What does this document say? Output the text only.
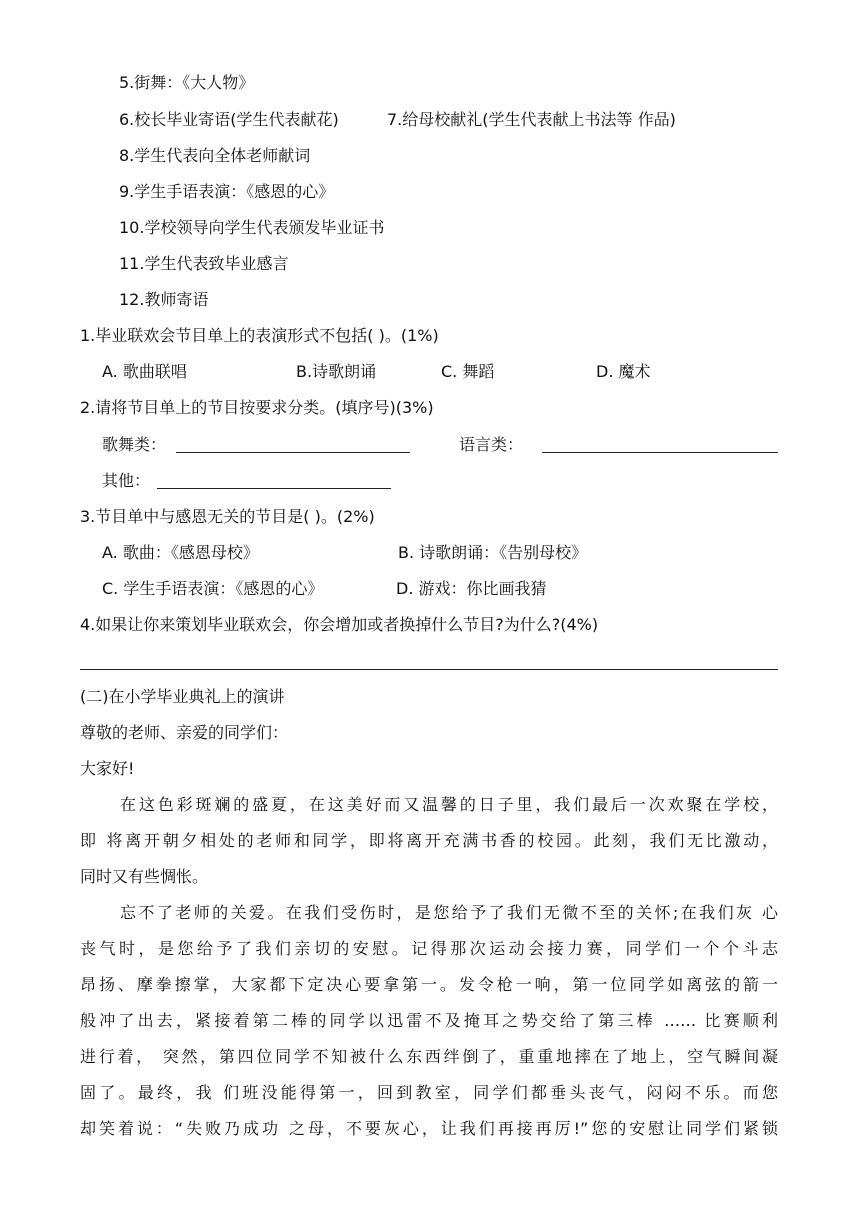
5.街舞：《大人物》
6.校长毕业寄语(学生代表献花)	7.给母校献礼(学生代表献上书法等 作品)
8.学生代表向全体老师献词
9.学生手语表演：《感恩的心》
10.学校领导向学生代表颁发毕业证书
11.学生代表致毕业感言
12.教师寄语
1.毕业联欢会节目单上的表演形式不包括( )。(1%)
A. 歌曲联唱	B.诗歌朗诵	C. 舞蹈	D. 魔术
2.请将节目单上的节目按要求分类。(填序号)(3%)
歌舞类：	语言类：
其他：
3.节目单中与感恩无关的节目是( )。(2%)
A. 歌曲：《感恩母校》	B. 诗歌朗诵：《告别母校》
C. 学生手语表演：《感恩的心》	D. 游戏：你比画我猜
4.如果让你来策划毕业联欢会，你会增加或者换掉什么节目?为什么?(4%)
(二)在小学毕业典礼上的演讲
尊敬的老师、亲爱的同学们：
大家好!
在这色彩斑斓的盛夏，在这美好而又温馨的日子里，我们最后一次欢聚在学校，
即 将离开朝夕相处的老师和同学，即将离开充满书香的校园。此刻，我们无比激动，
同时又有些惆怅。
忘不了老师的关爱。在我们受伤时，是您给予了我们无微不至的关怀;在我们灰 心
丧气时，是您给予了我们亲切的安慰。记得那次运动会接力赛，同学们一个个斗志
昂扬、摩拳擦掌，大家都下定决心要拿第一。发令枪一响，第一位同学如离弦的箭一
般冲了出去，紧接着第二棒的同学以迅雷不及掩耳之势交给了第三棒 …… 比赛顺利
进行着， 突然，第四位同学不知被什么东西绊倒了，重重地摔在了地上，空气瞬间凝
固了。最终，我 们班没能得第一，回到教室，同学们都垂头丧气，闷闷不乐。而您
却笑着说：“失败乃成功 之母，不要灰心，让我们再接再厉!”您的安慰让同学们紧锁
